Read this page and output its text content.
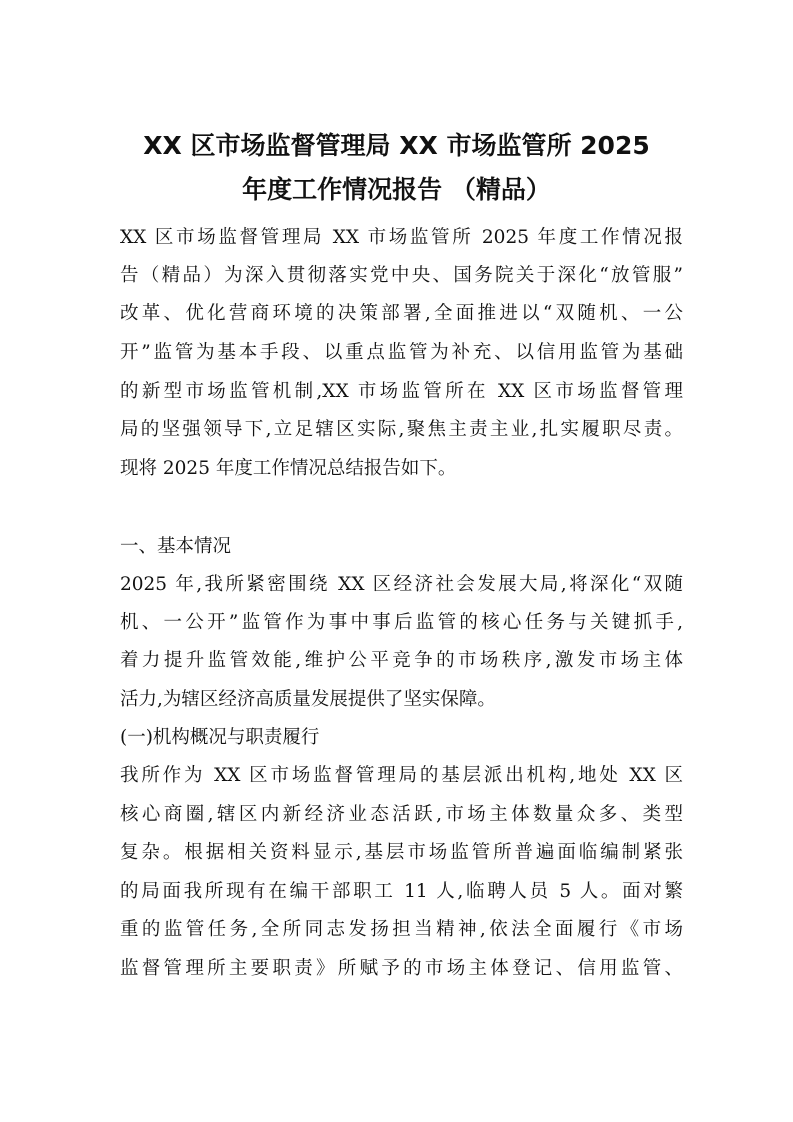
XX 区市场监督管理局 XX 市场监管所 2025
年度工作情况报告 （精品）
XX 区市场监督管理局 XX 市场监管所 2025 年度工作情况报
告（精品）为深入贯彻落实党中央、国务院关于深化“放管服”
改革、优化营商环境的决策部署,全面推进以“双随机、一公
开”监管为基本手段、以重点监管为补充、以信用监管为基础
的新型市场监管机制,XX 市场监管所在 XX 区市场监督管理
局的坚强领导下,立足辖区实际,聚焦主责主业,扎实履职尽责。
现将 2025 年度工作情况总结报告如下。
一、基本情况
2025 年,我所紧密围绕 XX 区经济社会发展大局,将深化“双随
机、一公开”监管作为事中事后监管的核心任务与关键抓手,
着力提升监管效能,维护公平竞争的市场秩序,激发市场主体
活力,为辖区经济高质量发展提供了坚实保障。
(一)机构概况与职责履行
我所作为 XX 区市场监督管理局的基层派出机构,地处 XX 区
核心商圈,辖区内新经济业态活跃,市场主体数量众多、类型
复杂。根据相关资料显示,基层市场监管所普遍面临编制紧张
的局面我所现有在编干部职工 11 人,临聘人员 5 人。面对繁
重的监管任务,全所同志发扬担当精神,依法全面履行《市场
监督管理所主要职责》所赋予的市场主体登记、信用监管、
